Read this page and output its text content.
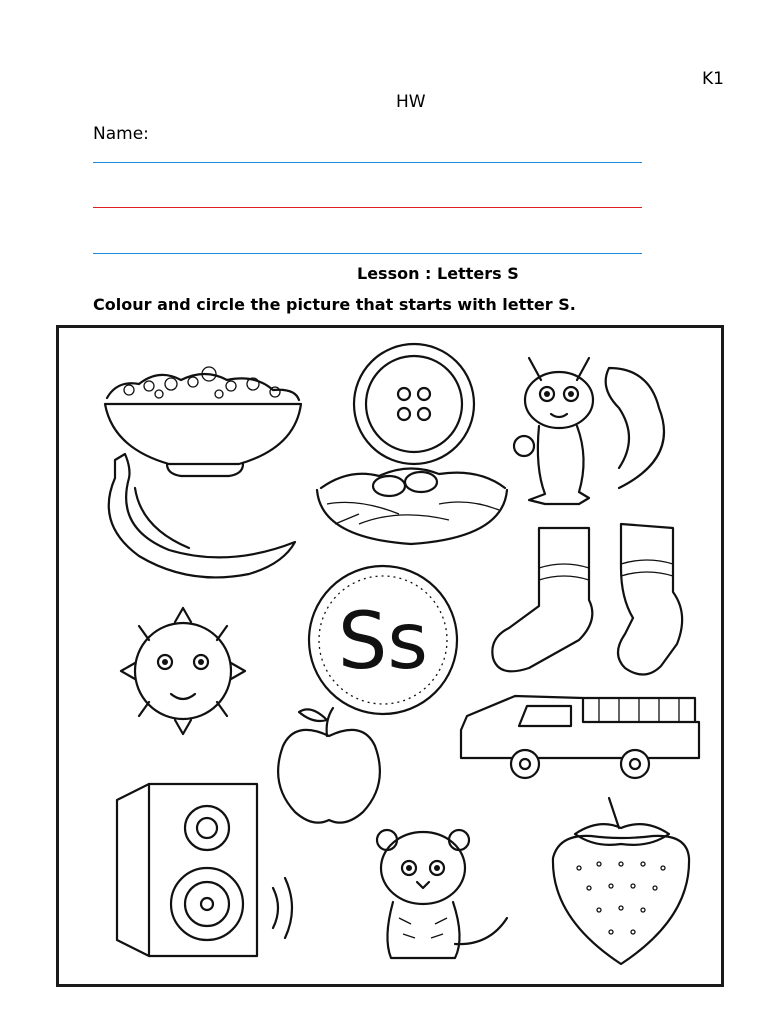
K1
HW
Name:
Lesson : Letters S
Colour and circle the picture that starts with letter S.
Ss
